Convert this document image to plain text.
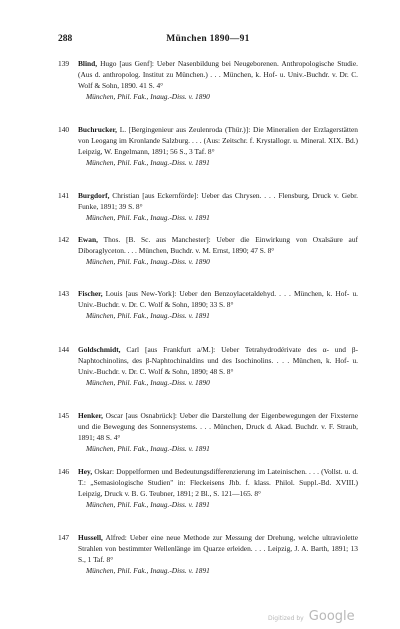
288	München 1890—91
139	Blind, Hugo [aus Genf]: Ueber Nasenbildung bei Neugeborenen. Anthropologische Studie. (Aus d. anthropolog. Institut zu München.) . . . München, k. Hof- u. Univ.-Buchdr. v. Dr. C. Wolf & Sohn, 1890. 41 S. 4°
München, Phil. Fak., Inaug.-Diss. v. 1890
140	Buchrucker, L. [Bergingenieur aus Zeulenroda (Thür.)]: Die Mineralien der Erzlagerstätten von Leogang im Kronlande Salzburg. . . . (Aus: Zeitschr. f. Krystallogr. u. Mineral. XIX. Bd.) Leipzig, W. Engelmann, 1891; 56 S., 3 Taf. 8°
München, Phil. Fak., Inaug.-Diss. v. 1891
141	Burgdorf, Christian [aus Eckernförde]: Ueber das Chrysen. . . . Flensburg, Druck v. Gebr. Funke, 1891; 39 S. 8°
München, Phil. Fak., Inaug.-Diss. v. 1891
142	Ewan, Thos. [B. Sc. aus Manchester]: Ueber die Einwirkung von Oxalsäure auf Diboraglyceton. . . . München, Buchdr. v. M. Ernst, 1890; 47 S. 8°
München, Phil. Fak., Inaug.-Diss. v. 1890
143	Fischer, Louis [aus New-York]: Ueber den Benzoylacetaldehyd. . . . München, k. Hof- u. Univ.-Buchdr. v. Dr. C. Wolf & Sohn, 1890; 33 S. 8°
München, Phil. Fak., Inaug.-Diss. v. 1891
144	Goldschmidt, Carl [aus Frankfurt a/M.]: Ueber Tetrahydrodérivate des α- und β-Naphtochinolins, des β-Naphtochinaldins und des Isochinolins. . . . München, k. Hof- u. Univ.-Buchdr. v. Dr. C. Wolf & Sohn, 1890; 48 S. 8°
München, Phil. Fak., Inaug.-Diss. v. 1890
145	Henker, Oscar [aus Osnabrück]: Ueber die Darstellung der Eigenbewegungen der Fixsterne und die Bewegung des Sonnensystems. . . . München, Druck d. Akad. Buchdr. v. F. Straub, 1891; 48 S. 4°
München, Phil. Fak., Inaug.-Diss. v. 1891
146	Hey, Oskar: Doppelformen und Bedeutungsdifferenzierung im Lateinischen. . . . (Vollst. u. d. T.: „Semasiologische Studien" in: Fleckeisens Jhb. f. klass. Philol. Suppl.-Bd. XVIII.) Leipzig, Druck v. B. G. Teubner, 1891; 2 Bl., S. 121—165. 8°
München, Phil. Fak., Inaug.-Diss. v. 1891
147	Hussell, Alfred: Ueber eine neue Methode zur Messung der Drehung, welche ultraviolette Strahlen von bestimmter Wellenlänge im Quarze erleiden. . . . Leipzig, J. A. Barth, 1891; 13 S., 1 Taf. 8°
München, Phil. Fak., Inaug.-Diss. v. 1891
Digitized by Google
